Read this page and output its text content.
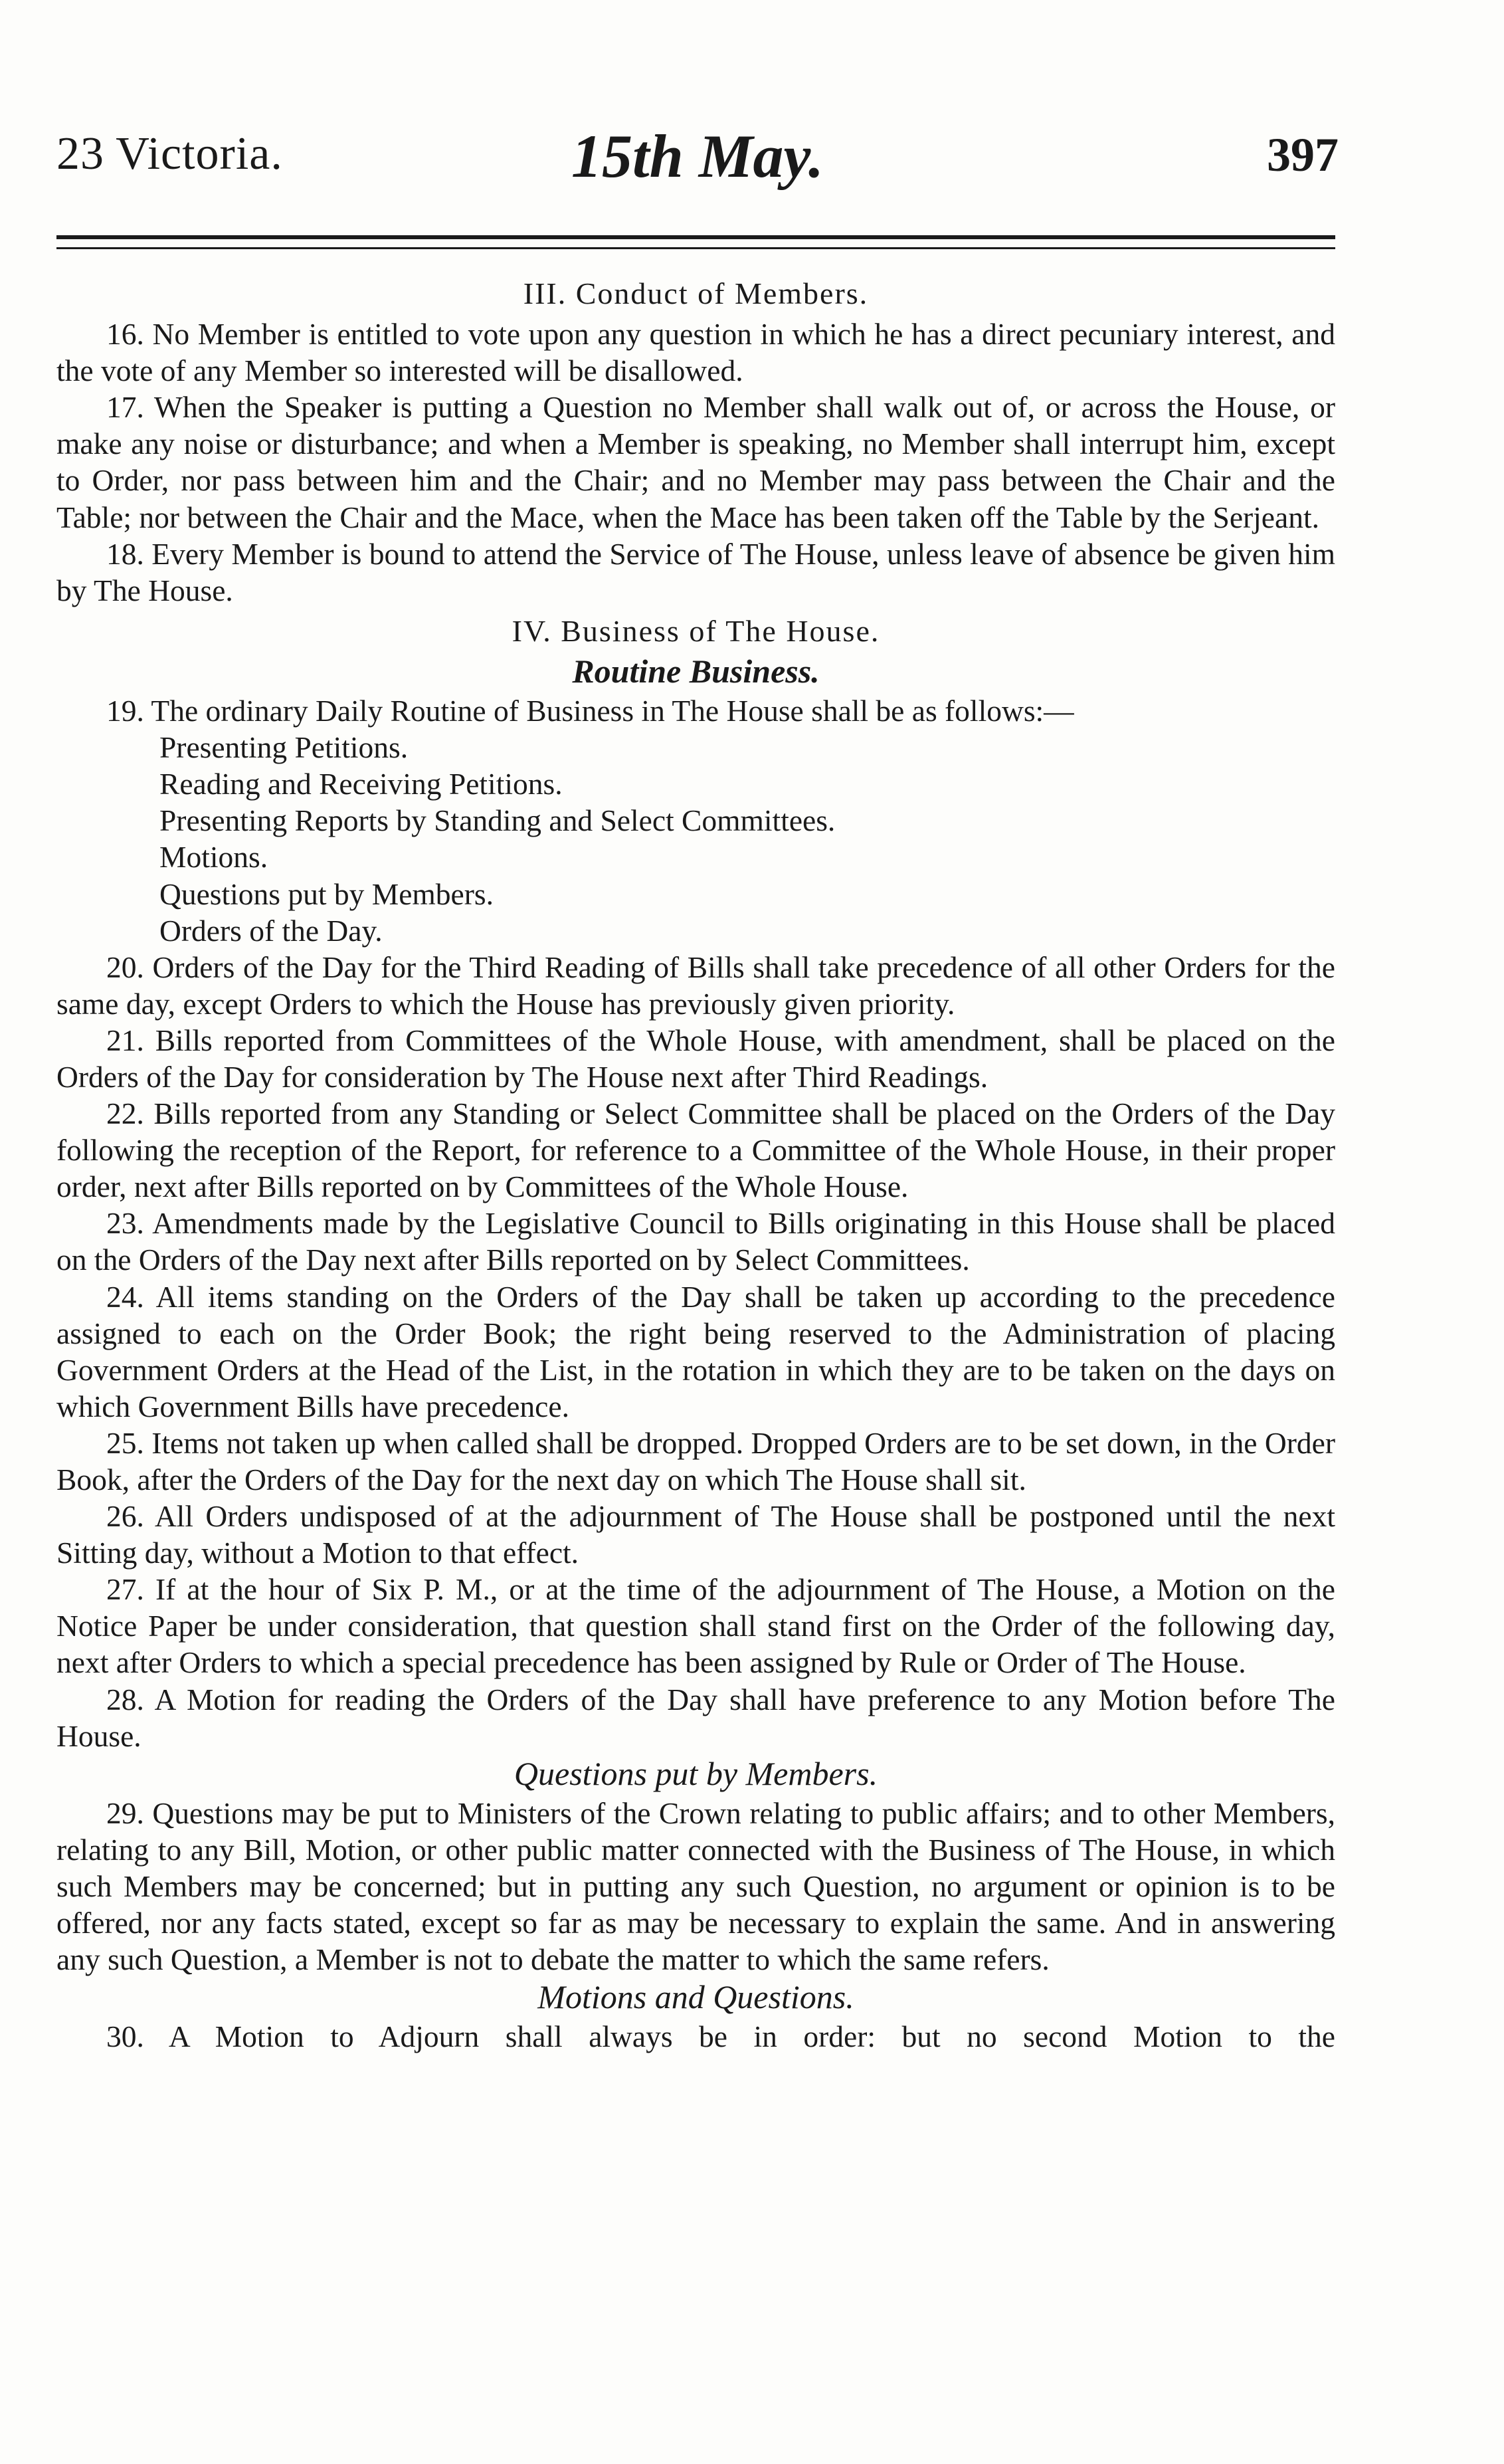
23 Victoria.	15th May.	397
III. Conduct of Members.

16. No Member is entitled to vote upon any question in which he has a direct pecuniary interest, and the vote of any Member so interested will be disallowed.

17. When the Speaker is putting a Question no Member shall walk out of, or across the House, or make any noise or disturbance; and when a Member is speaking, no Member shall interrupt him, except to Order, nor pass between him and the Chair; and no Member may pass between the Chair and the Table; nor between the Chair and the Mace, when the Mace has been taken off the Table by the Serjeant.

18. Every Member is bound to attend the Service of The House, unless leave of absence be given him by The House.

IV. Business of The House.
Routine Business.

19. The ordinary Daily Routine of Business in The House shall be as follows:—

Presenting Petitions.

Reading and Receiving Petitions.

Presenting Reports by Standing and Select Committees.

Motions.

Questions put by Members.

Orders of the Day.

20. Orders of the Day for the Third Reading of Bills shall take precedence of all other Orders for the same day, except Orders to which the House has previously given priority.

21. Bills reported from Committees of the Whole House, with amendment, shall be placed on the Orders of the Day for consideration by The House next after Third Readings.

22. Bills reported from any Standing or Select Committee shall be placed on the Orders of the Day following the reception of the Report, for reference to a Committee of the Whole House, in their proper order, next after Bills reported on by Committees of the Whole House.

23. Amendments made by the Legislative Council to Bills originating in this House shall be placed on the Orders of the Day next after Bills reported on by Select Committees.

24. All items standing on the Orders of the Day shall be taken up according to the precedence assigned to each on the Order Book; the right being reserved to the Administration of placing Government Orders at the Head of the List, in the rotation in which they are to be taken on the days on which Government Bills have precedence.

25. Items not taken up when called shall be dropped. Dropped Orders are to be set down, in the Order Book, after the Orders of the Day for the next day on which The House shall sit.

26. All Orders undisposed of at the adjournment of The House shall be postponed until the next Sitting day, without a Motion to that effect.

27. If at the hour of Six P. M., or at the time of the adjournment of The House, a Motion on the Notice Paper be under consideration, that question shall stand first on the Order of the following day, next after Orders to which a special precedence has been assigned by Rule or Order of The House.

28. A Motion for reading the Orders of the Day shall have preference to any Motion before The House.

Questions put by Members.

29. Questions may be put to Ministers of the Crown relating to public affairs; and to other Members, relating to any Bill, Motion, or other public matter connected with the Business of The House, in which such Members may be concerned; but in putting any such Question, no argument or opinion is to be offered, nor any facts stated, except so far as may be necessary to explain the same. And in answering any such Question, a Member is not to debate the matter to which the same refers.

Motions and Questions.

30. A Motion to Adjourn shall always be in order: but no second Motion to the
